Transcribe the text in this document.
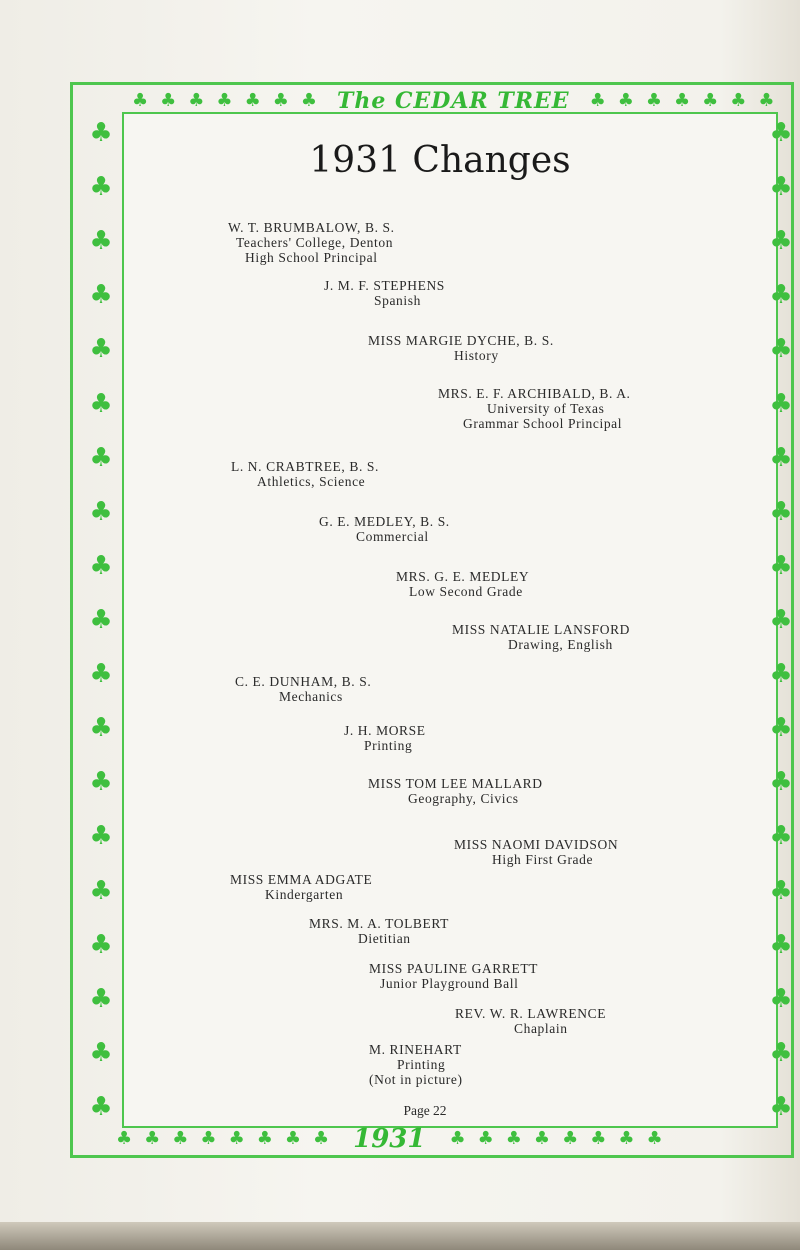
♣ ♣ ♣ ♣ ♣ ♣ ♣ The CEDAR TREE ♣ ♣ ♣ ♣ ♣ ♣ ♣
♣
♣
♣
♣
♣
♣
♣
♣
♣
♣
♣
♣
♣
♣
♣
♣
♣
♣
♣
♣
♣
♣
♣
♣
♣
♣
♣
♣
♣
♣
♣
♣
♣
♣
♣
♣
♣
♣
1931 Changes
W. T. BRUMBALOW, B. S.
Teachers' College, Denton
High School Principal
J. M. F. STEPHENS
Spanish
MISS MARGIE DYCHE, B. S.
History
MRS. E. F. ARCHIBALD, B. A.
University of Texas
Grammar School Principal
L. N. CRABTREE, B. S.
Athletics, Science
G. E. MEDLEY, B. S.
Commercial
MRS. G. E. MEDLEY
Low Second Grade
MISS NATALIE LANSFORD
Drawing, English
C. E. DUNHAM, B. S.
Mechanics
J. H. MORSE
Printing
MISS TOM LEE MALLARD
Geography, Civics
MISS NAOMI DAVIDSON
High First Grade
MISS EMMA ADGATE
Kindergarten
MRS. M. A. TOLBERT
Dietitian
MISS PAULINE GARRETT
Junior Playground Ball
REV. W. R. LAWRENCE
Chaplain
M. RINEHART
Printing
(Not in picture)
Page 22
♣ ♣ ♣ ♣ ♣ ♣ ♣ ♣ 1931 ♣ ♣ ♣ ♣ ♣ ♣ ♣ ♣
